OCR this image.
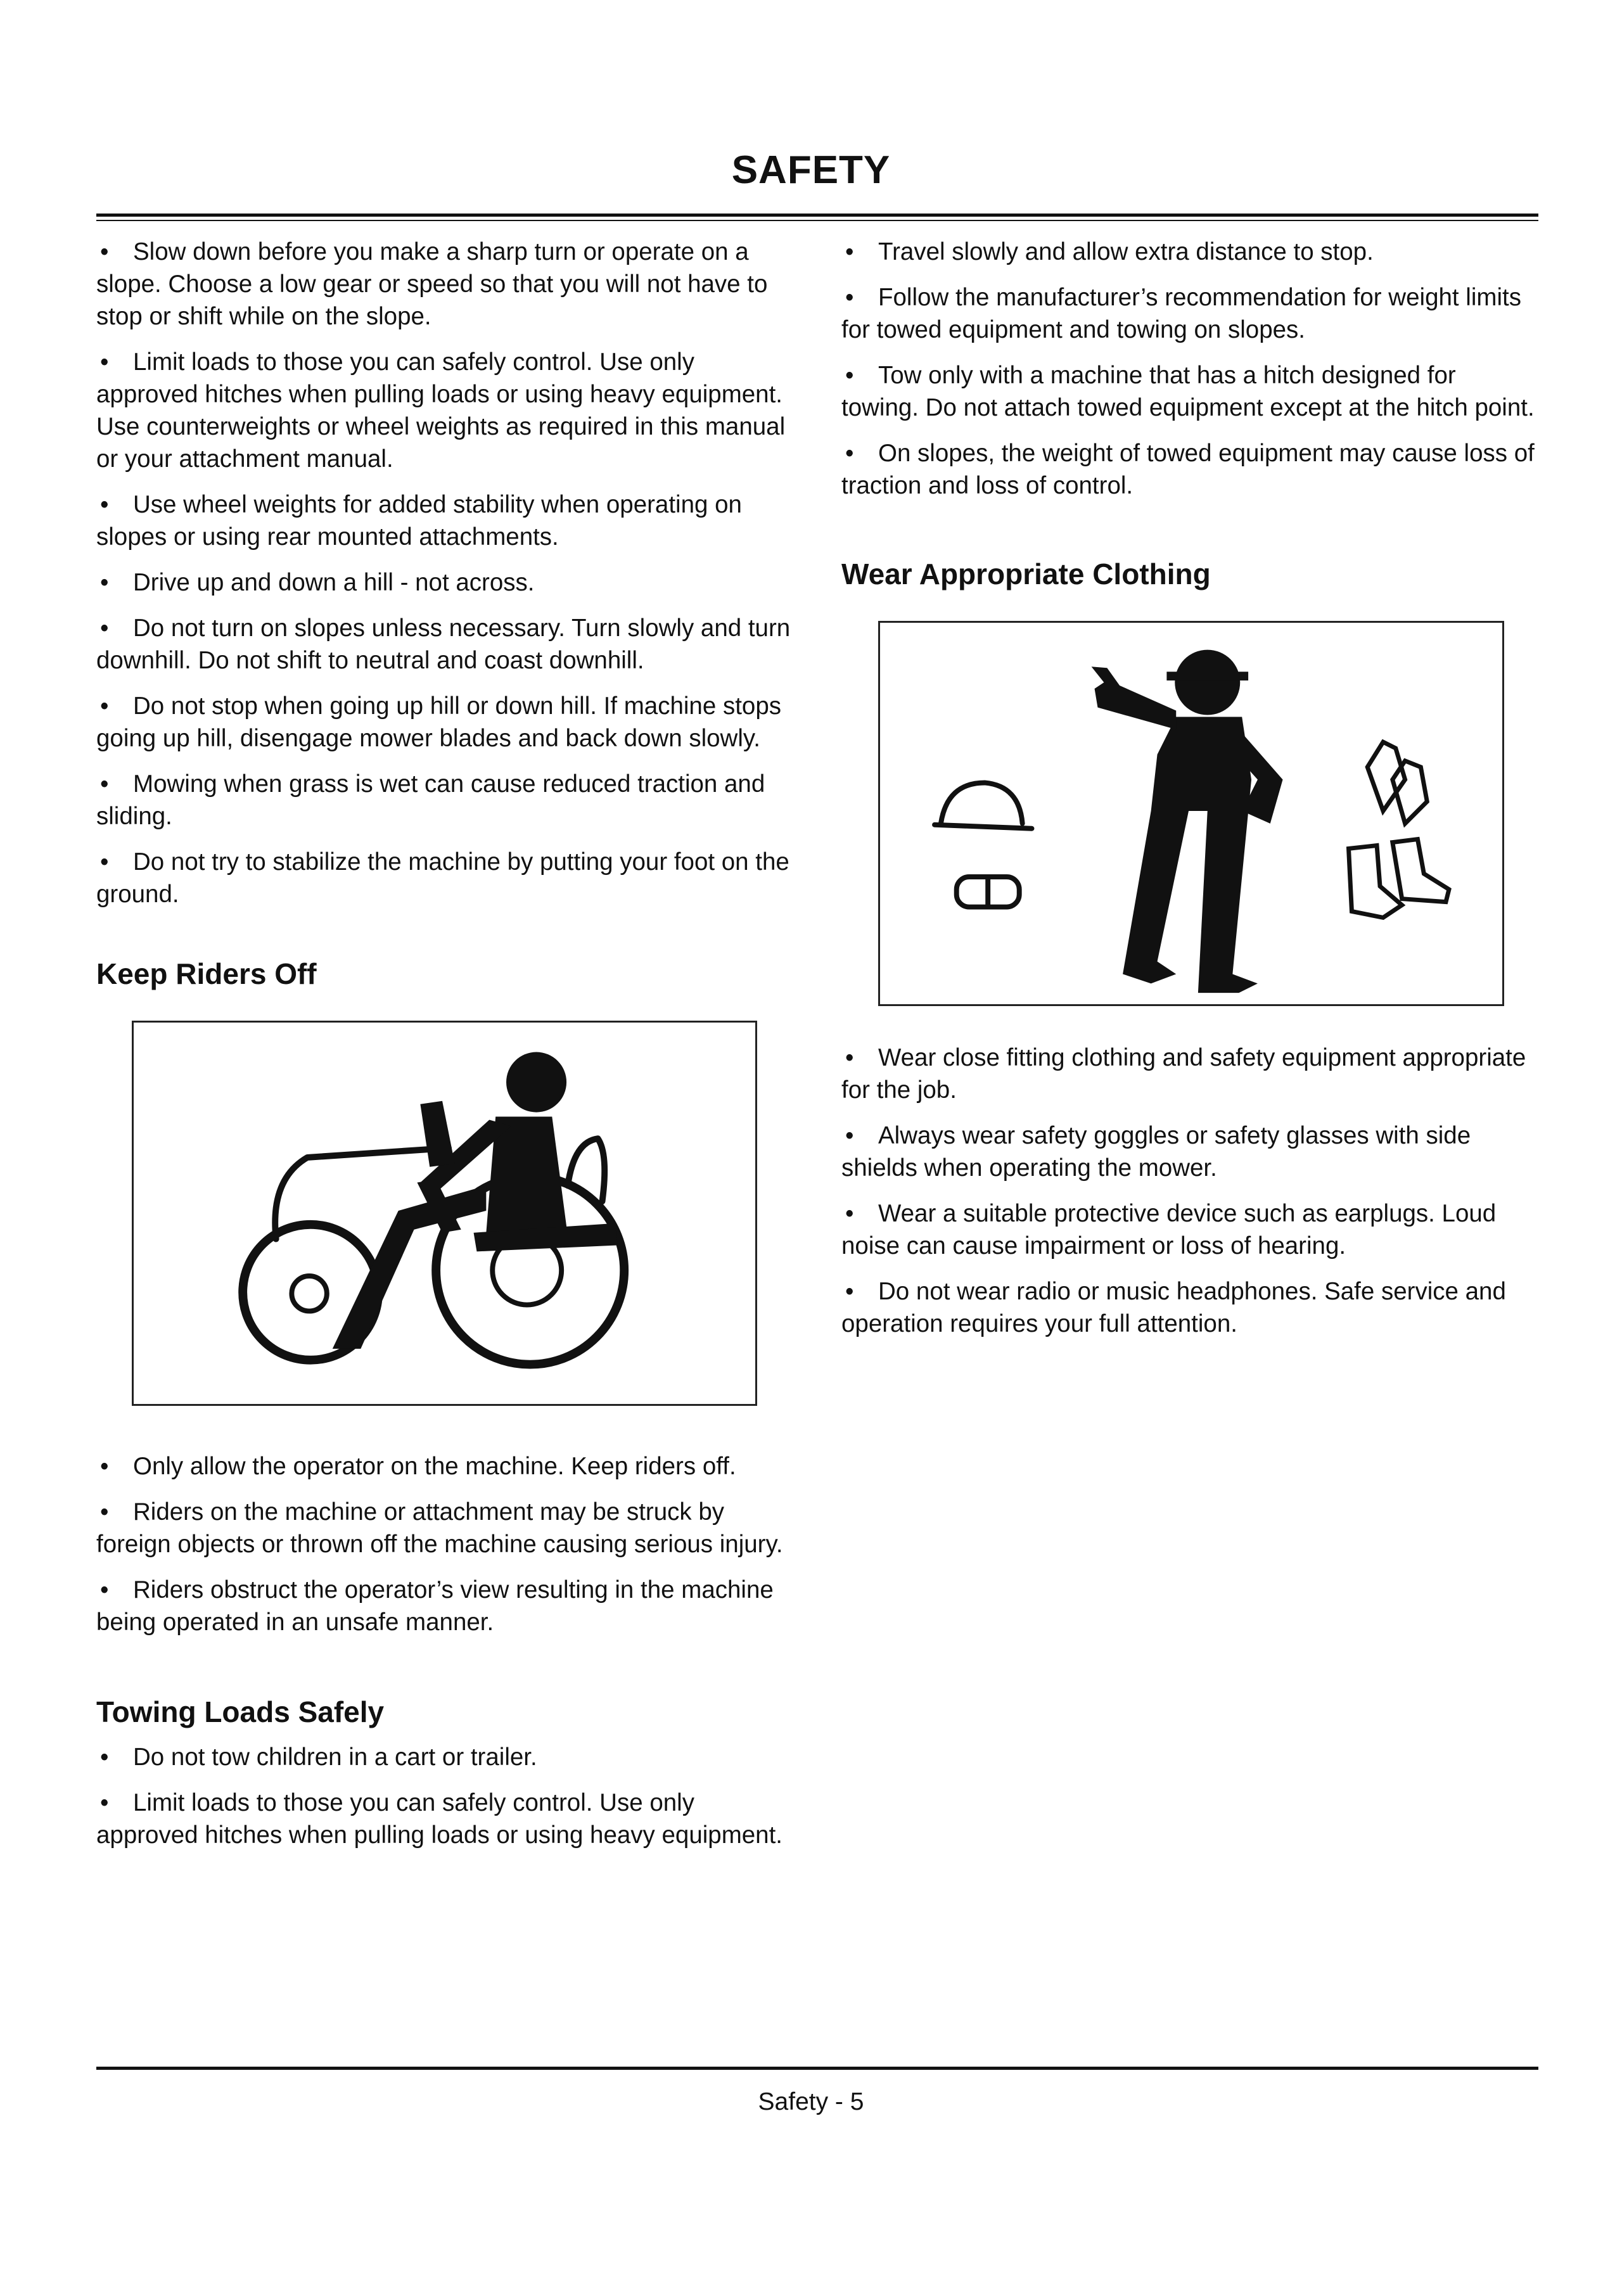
SAFETY

• Slow down before you make a sharp turn or operate on a slope. Choose a low gear or speed so that you will not have to stop or shift while on the slope.

• Limit loads to those you can safely control. Use only approved hitches when pulling loads or using heavy equipment. Use counterweights or wheel weights as required in this manual or your attachment manual.

• Use wheel weights for added stability when operating on slopes or using rear mounted attachments.

• Drive up and down a hill - not across.

• Do not turn on slopes unless necessary. Turn slowly and turn downhill. Do not shift to neutral and coast downhill.

• Do not stop when going up hill or down hill. If machine stops going up hill, disengage mower blades and back down slowly.

• Mowing when grass is wet can cause reduced traction and sliding.

• Do not try to stabilize the machine by putting your foot on the ground.

Keep Riders Off

• Only allow the operator on the machine. Keep riders off.

• Riders on the machine or attachment may be struck by foreign objects or thrown off the machine causing serious injury.

• Riders obstruct the operator’s view resulting in the machine being operated in an unsafe manner.

Towing Loads Safely

• Do not tow children in a cart or trailer.

• Limit loads to those you can safely control. Use only approved hitches when pulling loads or using heavy equipment.

• Travel slowly and allow extra distance to stop.

• Follow the manufacturer’s recommendation for weight limits for towed equipment and towing on slopes.

• Tow only with a machine that has a hitch designed for towing. Do not attach towed equipment except at the hitch point.

• On slopes, the weight of towed equipment may cause loss of traction and loss of control.

Wear Appropriate Clothing

• Wear close fitting clothing and safety equipment appropriate for the job.

• Always wear safety goggles or safety glasses with side shields when operating the mower.

• Wear a suitable protective device such as earplugs. Loud noise can cause impairment or loss of hearing.

• Do not wear radio or music headphones. Safe service and operation requires your full attention.

Safety - 5
